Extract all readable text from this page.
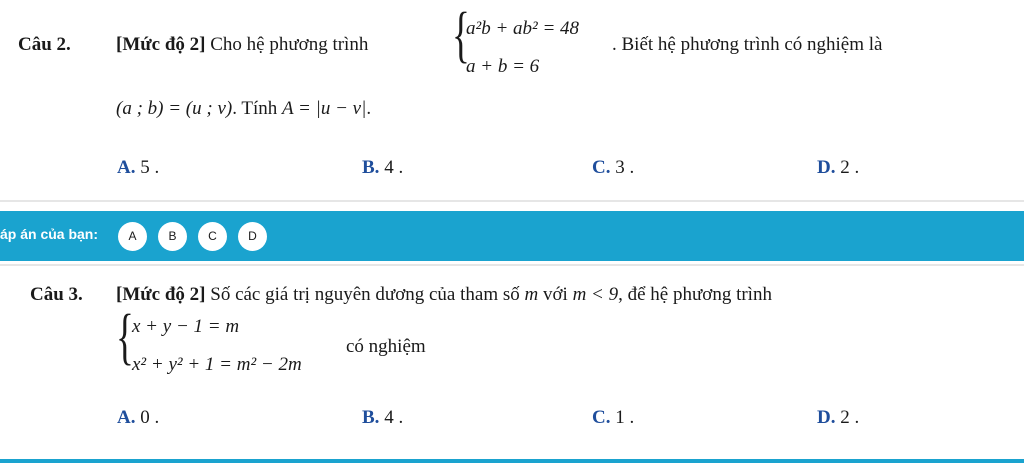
Câu 2. [Mức độ 2] Cho hệ phương trình {
a²b + ab² = 48
a + b = 6
. Biết hệ phương trình có nghiệm là
(a ; b) = (u ; v). Tính A = |u − v|.
A. 5 .	B. 4 .	C. 3 .	D. 2 .
áp án của bạn:	A	B	C	D
Câu 3. [Mức độ 2] Số các giá trị nguyên dương của tham số m với m < 9, để hệ phương trình
{
x + y − 1 = m
x² + y² + 1 = m² − 2m
có nghiệm
A. 0 .	B. 4 .	C. 1 .	D. 2 .
